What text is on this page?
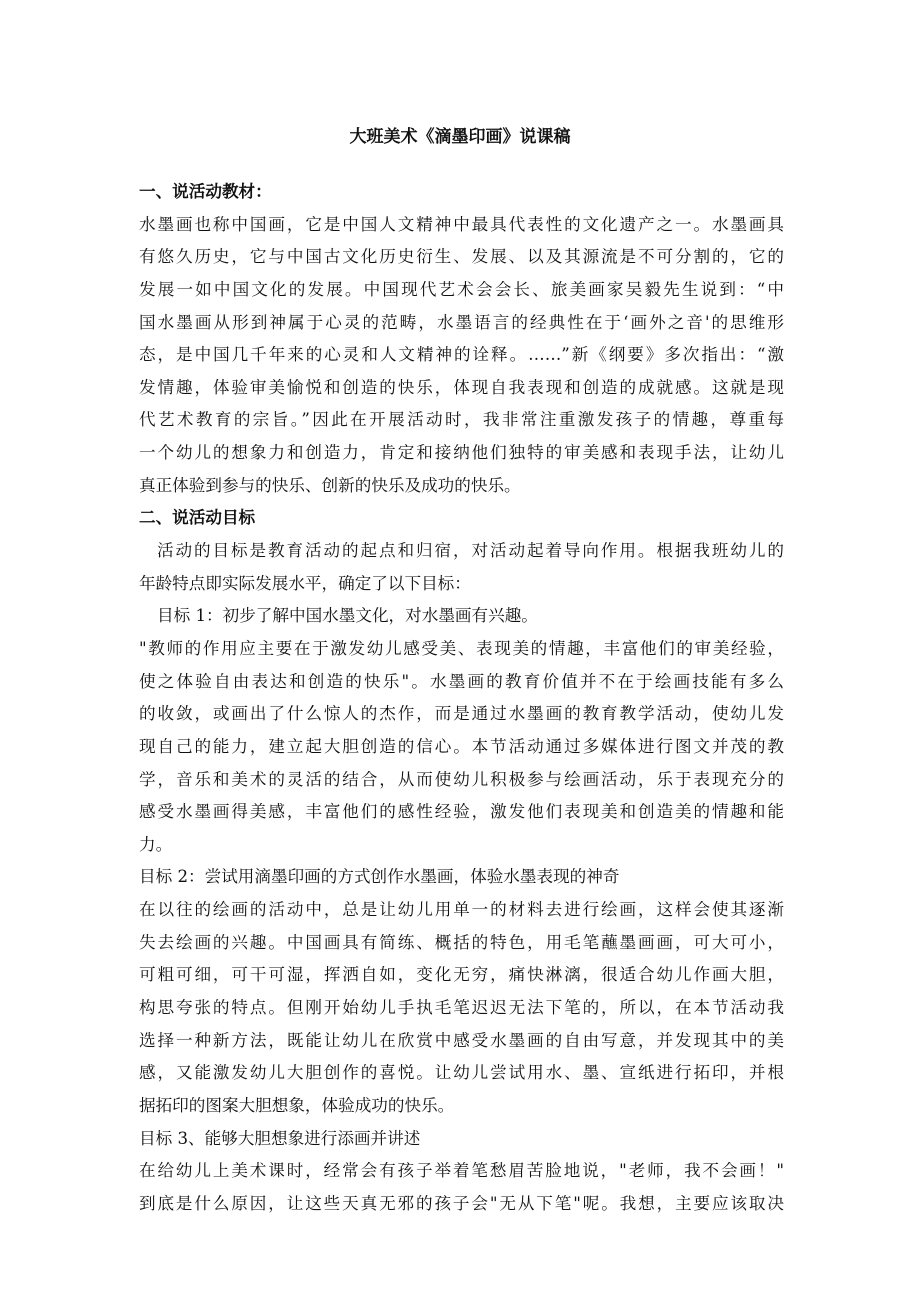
大班美术《滴墨印画》说课稿
一、说活动教材：
水墨画也称中国画，它是中国人文精神中最具代表性的文化遗产之一。水墨画具
有悠久历史，它与中国古文化历史衍生、发展、以及其源流是不可分割的，它的
发展一如中国文化的发展。中国现代艺术会会长、旅美画家吴毅先生说到：“中
国水墨画从形到神属于心灵的范畴，水墨语言的经典性在于‘画外之音'的思维形
态，是中国几千年来的心灵和人文精神的诠释。……”新《纲要》多次指出：“激
发情趣，体验审美愉悦和创造的快乐，体现自我表现和创造的成就感。这就是现
代艺术教育的宗旨。”因此在开展活动时，我非常注重激发孩子的情趣，尊重每
一个幼儿的想象力和创造力，肯定和接纳他们独特的审美感和表现手法，让幼儿
真正体验到参与的快乐、创新的快乐及成功的快乐。
二、说活动目标
活动的目标是教育活动的起点和归宿，对活动起着导向作用。根据我班幼儿的
年龄特点即实际发展水平，确定了以下目标：
目标 1：初步了解中国水墨文化，对水墨画有兴趣。
"教师的作用应主要在于激发幼儿感受美、表现美的情趣，丰富他们的审美经验，
使之体验自由表达和创造的快乐"。水墨画的教育价值并不在于绘画技能有多么
的收敛，或画出了什么惊人的杰作，而是通过水墨画的教育教学活动，使幼儿发
现自己的能力，建立起大胆创造的信心。本节活动通过多媒体进行图文并茂的教
学，音乐和美术的灵活的结合，从而使幼儿积极参与绘画活动，乐于表现充分的
感受水墨画得美感，丰富他们的感性经验，激发他们表现美和创造美的情趣和能
力。
目标 2：尝试用滴墨印画的方式创作水墨画，体验水墨表现的神奇
在以往的绘画的活动中，总是让幼儿用单一的材料去进行绘画，这样会使其逐渐
失去绘画的兴趣。中国画具有简练、概括的特色，用毛笔蘸墨画画，可大可小，
可粗可细，可干可湿，挥洒自如，变化无穷，痛快淋漓，很适合幼儿作画大胆，
构思夸张的特点。但刚开始幼儿手执毛笔迟迟无法下笔的，所以，在本节活动我
选择一种新方法，既能让幼儿在欣赏中感受水墨画的自由写意，并发现其中的美
感，又能激发幼儿大胆创作的喜悦。让幼儿尝试用水、墨、宣纸进行拓印，并根
据拓印的图案大胆想象，体验成功的快乐。
目标 3、能够大胆想象进行添画并讲述
在给幼儿上美术课时，经常会有孩子举着笔愁眉苦脸地说，"老师，我不会画！"
到底是什么原因，让这些天真无邪的孩子会"无从下笔"呢。我想，主要应该取决
